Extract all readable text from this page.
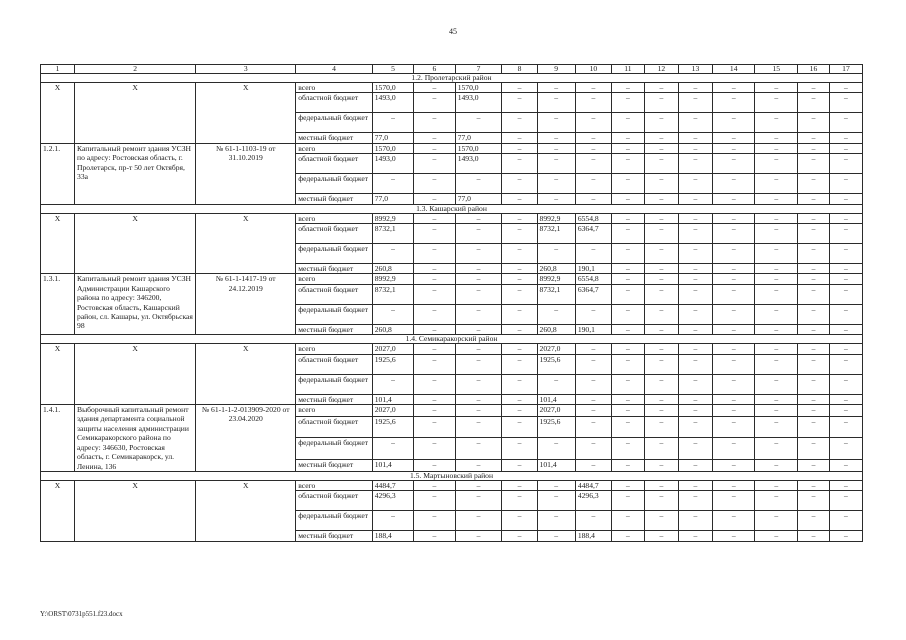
45
1	2	3	4	5	6	7	8	9	10	11	12	13	14	15	16	17
1.2. Пролетарский район																
Х	Х	Х	всего	1570,0	–	1570,0	–	–	–	–	–	–	–	–	–	–
			областной бюджет	1493,0	–	1493,0	–	–	–	–	–	–	–	–	–	–
			федеральный бюджет	–	–	–	–	–	–	–	–	–	–	–	–	–
			местный бюджет	77,0	–	77,0	–	–	–	–	–	–	–	–	–	–
1.2.1.	Капитальный ремонт здания УСЗН по адресу: Ростовская область, г. Пролетарск, пр-т 50 лет Октября, 33а	№ 61-1-1103-19 от 31.10.2019	всего	1570,0	–	1570,0	–	–	–	–	–	–	–	–	–	–
			областной бюджет	1493,0	–	1493,0	–	–	–	–	–	–	–	–	–	–
			федеральный бюджет	–	–	–	–	–	–	–	–	–	–	–	–	–
			местный бюджет	77,0	–	77,0	–	–	–	–	–	–	–	–	–	–
1.3. Кашарский район																
Х	Х	Х	всего	8992,9	–	–	–	8992,9	6554,8	–	–	–	–	–	–	–
			областной бюджет	8732,1	–	–	–	8732,1	6364,7	–	–	–	–	–	–	–
			федеральный бюджет	–	–	–	–	–	–	–	–	–	–	–	–	–
			местный бюджет	260,8	–	–	–	260,8	190,1	–	–	–	–	–	–	–
1.3.1.	Капитальный ремонт здания УСЗН Администрации Кашарского района по адресу: 346200, Ростовская область, Кашарский район, сл. Кашары, ул. Октябрьская 98	№ 61-1-1417-19 от 24.12.2019	всего	8992,9	–	–	–	8992,9	6554,8	–	–	–	–	–	–	–
			областной бюджет	8732,1	–	–	–	8732,1	6364,7	–	–	–	–	–	–	–
			федеральный бюджет	–	–	–	–	–	–	–	–	–	–	–	–	–
			местный бюджет	260,8	–	–	–	260,8	190,1	–	–	–	–	–	–	–
1.4. Семикаракорский район																
Х	Х	Х	всего	2027,0	–	–	–	2027,0	–	–	–	–	–	–	–	–
			областной бюджет	1925,6	–	–	–	1925,6	–	–	–	–	–	–	–	–
			федеральный бюджет	–	–	–	–	–	–	–	–	–	–	–	–	–
			местный бюджет	101,4	–	–	–	101,4	–	–	–	–	–	–	–	–
1.4.1.	Выборочный капитальный ремонт здания департамента социальной защиты населения администрации Семикаракорского района по адресу: 346630, Ростовская область, г. Семикаракорск, ул. Ленина, 136	№ 61-1-1-2-013909-2020 от 23.04.2020	всего	2027,0	–	–	–	2027,0	–	–	–	–	–	–	–	–
			областной бюджет	1925,6	–	–	–	1925,6	–	–	–	–	–	–	–	–
			федеральный бюджет	–	–	–	–	–	–	–	–	–	–	–	–	–
			местный бюджет	101,4	–	–	–	101,4	–	–	–	–	–	–	–	–
1.5. Мартыновский район																
Х	Х	Х	всего	4484,7	–	–	–	–	4484,7	–	–	–	–	–	–	–
			областной бюджет	4296,3	–	–	–	–	4296,3	–	–	–	–	–	–	–
			федеральный бюджет	–	–	–	–	–	–	–	–	–	–	–	–	–
			местный бюджет	188,4	–	–	–	–	188,4	–	–	–	–	–	–	–
Y:\ORST\0731p551.f23.docx
